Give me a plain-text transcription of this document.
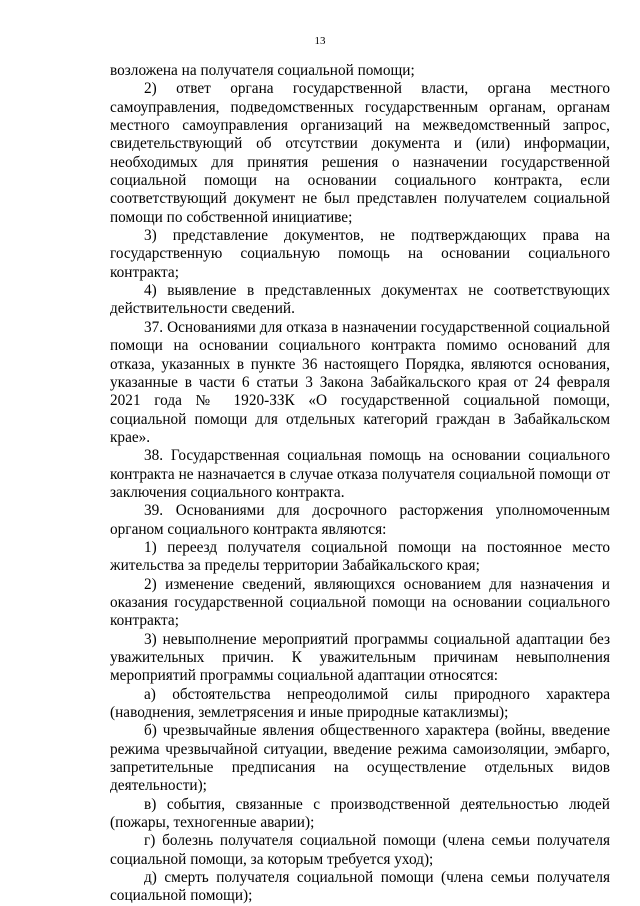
13

возложена на получателя социальной помощи;

2) ответ органа государственной власти, органа местного самоуправления, подведомственных государственным органам, органам местного самоуправления организаций на межведомственный запрос, свидетельствующий об отсутствии документа и (или) информации, необходимых для принятия решения о назначении государственной социальной помощи на основании социального контракта, если соответствующий документ не был представлен получателем социальной помощи по собственной инициативе;

3) представление документов, не подтверждающих права на государственную социальную помощь на основании социального контракта;

4) выявление в представленных документах не соответствующих действительности сведений.

37. Основаниями для отказа в назначении государственной социальной помощи на основании социального контракта помимо оснований для отказа, указанных в пункте 36 настоящего Порядка, являются основания, указанные в части 6 статьи 3 Закона Забайкальского края от 24 февраля 2021 года № 1920-ЗЗК «О государственной социальной помощи, социальной помощи для отдельных категорий граждан в Забайкальском крае».

38. Государственная социальная помощь на основании социального контракта не назначается в случае отказа получателя социальной помощи от заключения социального контракта.

39. Основаниями для досрочного расторжения уполномоченным органом социального контракта являются:

1) переезд получателя социальной помощи на постоянное место жительства за пределы территории Забайкальского края;

2) изменение сведений, являющихся основанием для назначения и оказания государственной социальной помощи на основании социального контракта;

3) невыполнение мероприятий программы социальной адаптации без уважительных причин. К уважительным причинам невыполнения мероприятий программы социальной адаптации относятся:

а) обстоятельства непреодолимой силы природного характера (наводнения, землетрясения и иные природные катаклизмы);

б) чрезвычайные явления общественного характера (войны, введение режима чрезвычайной ситуации, введение режима самоизоляции, эмбарго, запретительные предписания на осуществление отдельных видов деятельности);

в) события, связанные с производственной деятельностью людей (пожары, техногенные аварии);

г) болезнь получателя социальной помощи (члена семьи получателя социальной помощи, за которым требуется уход);

д) смерть получателя социальной помощи (члена семьи получателя социальной помощи);
